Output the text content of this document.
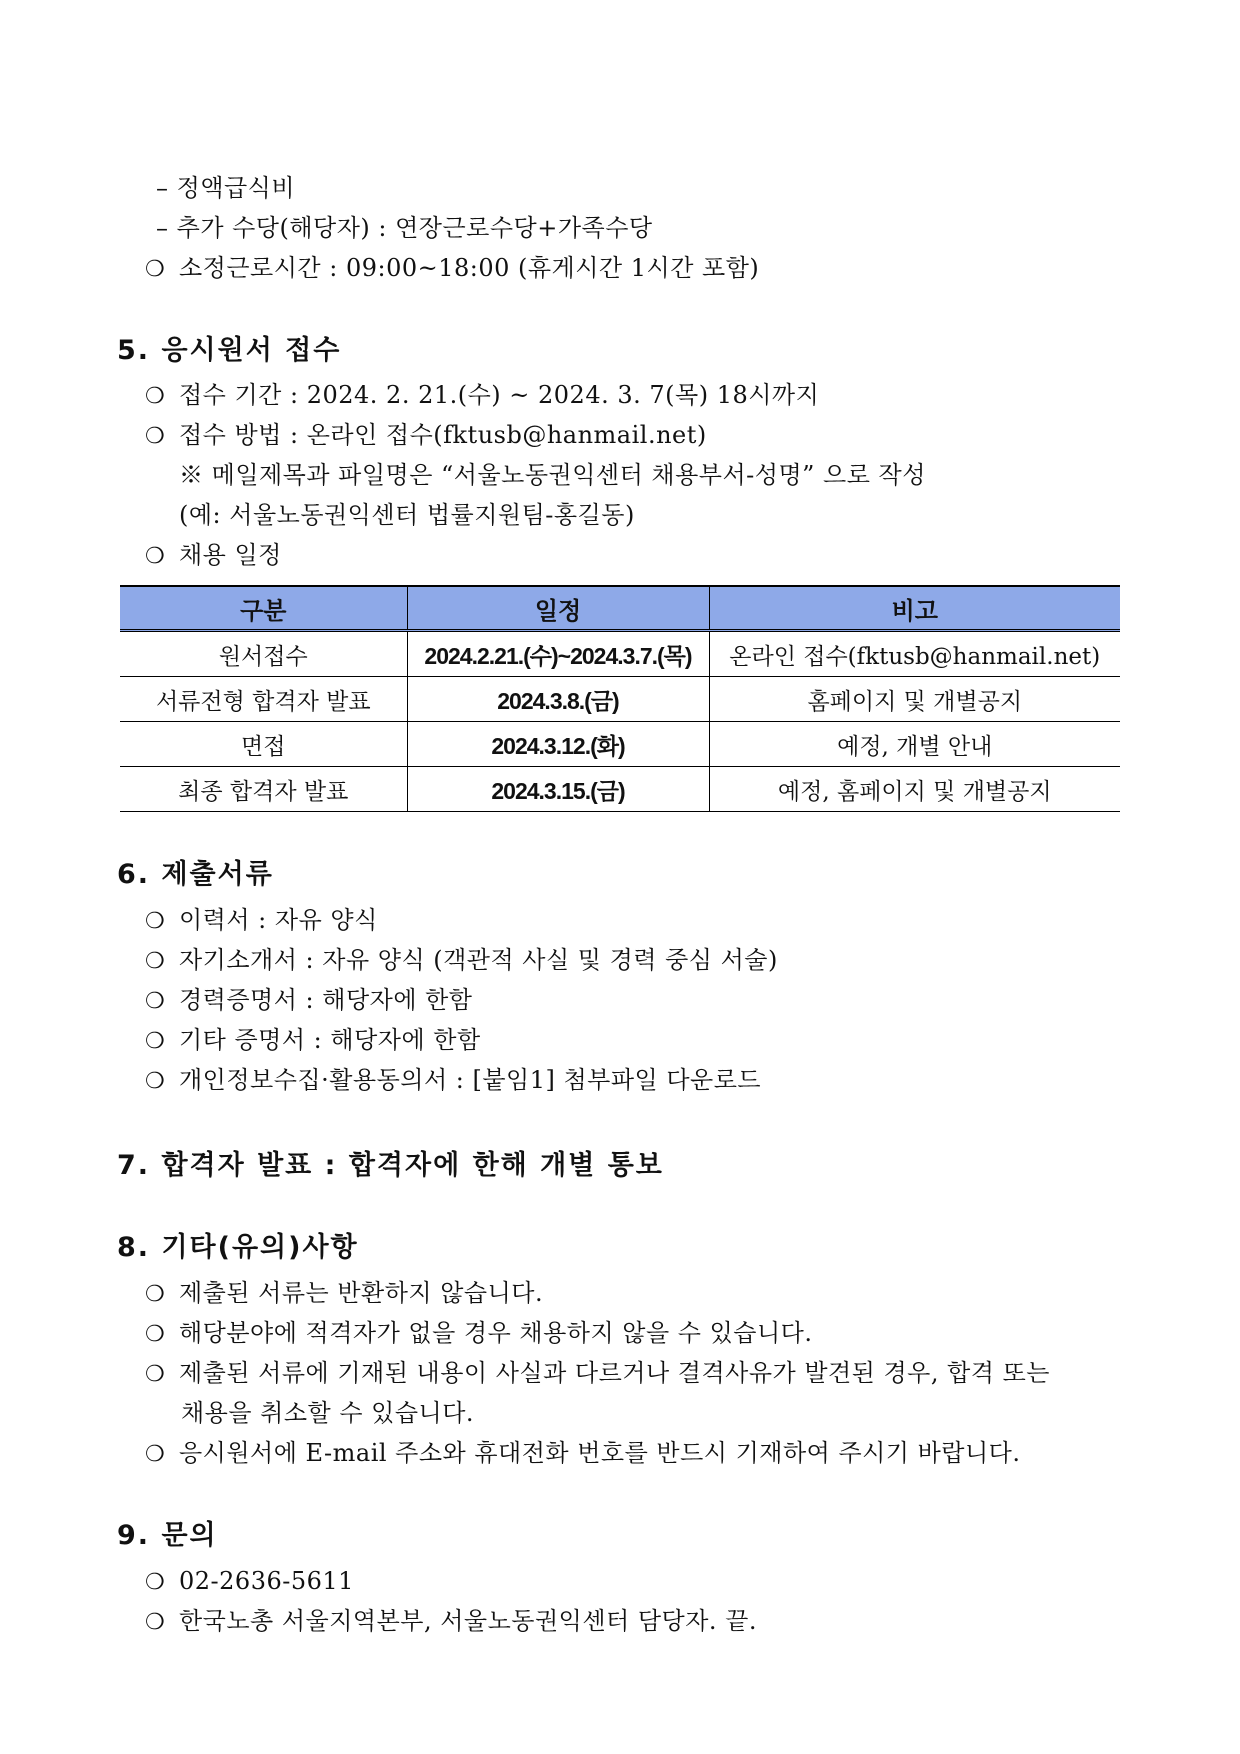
– 정액급식비
– 추가 수당(해당자) : 연장근로수당+가족수당
❍ 소정근로시간 : 09:00~18:00 (휴게시간 1시간 포함)
5. 응시원서 접수
❍ 접수 기간 : 2024. 2. 21.(수) ~ 2024. 3. 7(목) 18시까지
❍ 접수 방법 : 온라인 접수(fktusb@hanmail.net)
※ 메일제목과 파일명은 “서울노동권익센터 채용부서-성명” 으로 작성
(예: 서울노동권익센터 법률지원팀-홍길동)
❍ 채용 일정
구분	일정	비고
원서접수	2024.2.21.(수)~2024.3.7.(목)	온라인 접수(fktusb@hanmail.net)
서류전형 합격자 발표	2024.3.8.(금)	홈페이지 및 개별공지
면접	2024.3.12.(화)	예정, 개별 안내
최종 합격자 발표	2024.3.15.(금)	예정, 홈페이지 및 개별공지
6. 제출서류
❍ 이력서 : 자유 양식
❍ 자기소개서 : 자유 양식 (객관적 사실 및 경력 중심 서술)
❍ 경력증명서 : 해당자에 한함
❍ 기타 증명서 : 해당자에 한함
❍ 개인정보수집·활용동의서 : [붙임1] 첨부파일 다운로드
7. 합격자 발표 : 합격자에 한해 개별 통보
8. 기타(유의)사항
❍ 제출된 서류는 반환하지 않습니다.
❍ 해당분야에 적격자가 없을 경우 채용하지 않을 수 있습니다.
❍ 제출된 서류에 기재된 내용이 사실과 다르거나 결격사유가 발견된 경우, 합격 또는
채용을 취소할 수 있습니다.
❍ 응시원서에 E-mail 주소와 휴대전화 번호를 반드시 기재하여 주시기 바랍니다.
9. 문의
❍ 02-2636-5611
❍ 한국노총 서울지역본부, 서울노동권익센터 담당자. 끝.
